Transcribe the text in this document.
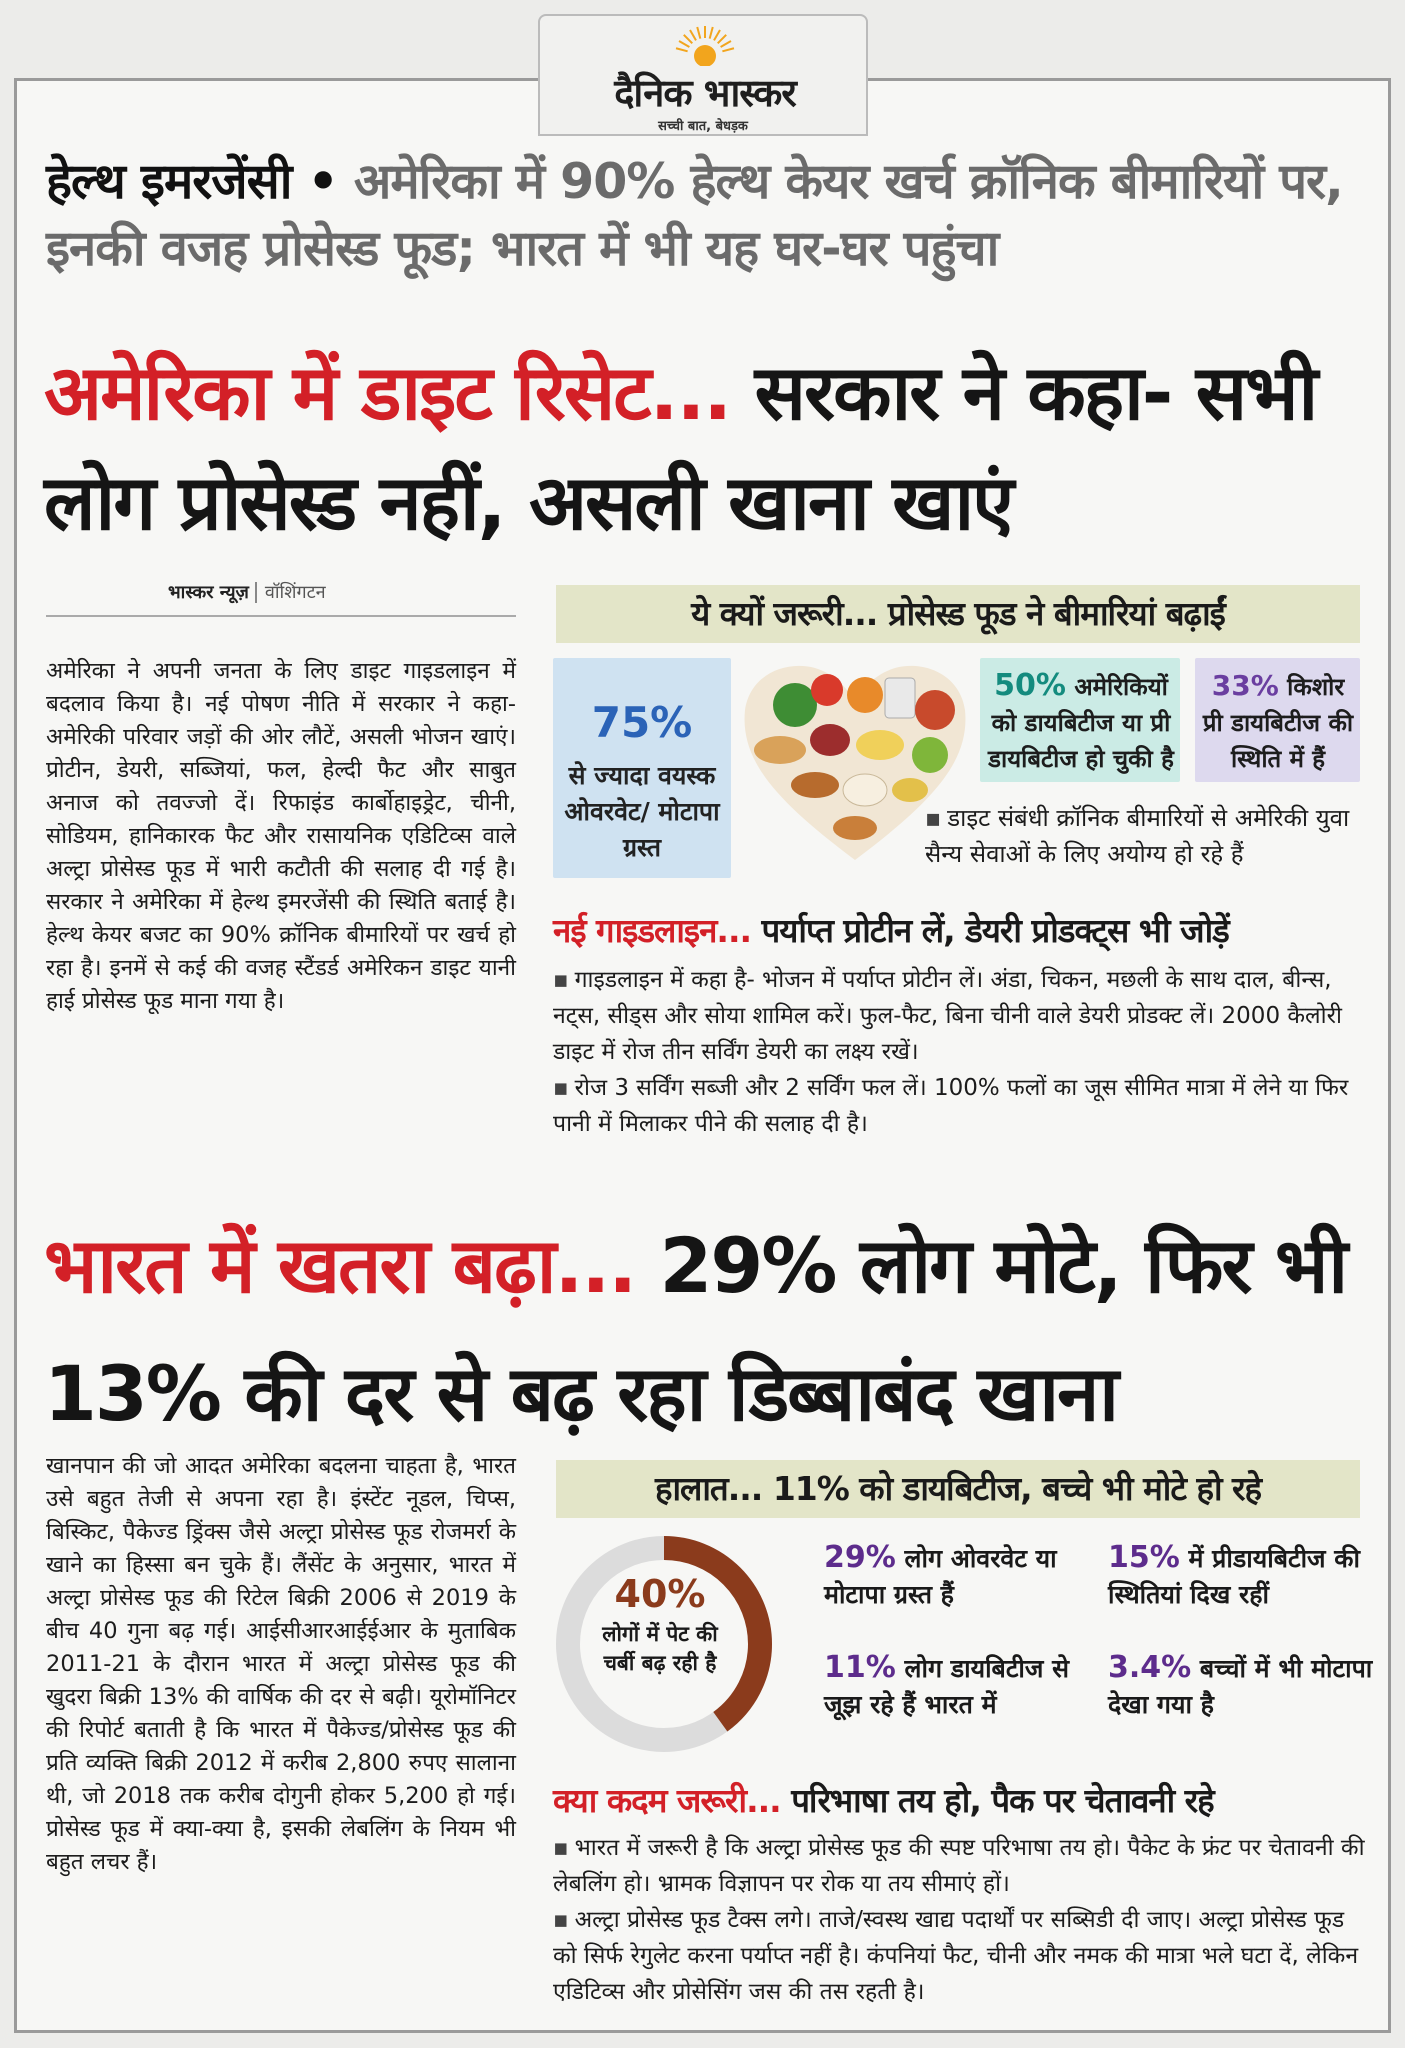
दैनिक भास्कर
सच्ची बात, बेधड़क
हेल्थ इमरजेंसी • अमेरिका में 90% हेल्थ केयर खर्च क्रॉनिक बीमारियों पर, इनकी वजह प्रोसेस्ड फूड; भारत में भी यह घर-घर पहुंचा
अमेरिका में डाइट रिसेट... सरकार ने कहा- सभी लोग प्रोसेस्ड नहीं, असली खाना खाएं
भास्कर न्यूज़ वॉशिंगटन
अमेरिका ने अपनी जनता के लिए डाइट गाइडलाइन में बदलाव किया है। नई पोषण नीति में सरकार ने कहा- अमेरिकी परिवार जड़ों की ओर लौटें, असली भोजन खाएं। प्रोटीन, डेयरी, सब्जियां, फल, हेल्दी फैट और साबुत अनाज को तवज्जो दें। रिफाइंड कार्बोहाइड्रेट, चीनी, सोडियम, हानिकारक फैट और रासायनिक एडिटिव्स वाले अल्ट्रा प्रोसेस्ड फूड में भारी कटौती की सलाह दी गई है। सरकार ने अमेरिका में हेल्थ इमरजेंसी की स्थिति बताई है। हेल्थ केयर बजट का 90% क्रॉनिक बीमारियों पर खर्च हो रहा है। इनमें से कई की वजह स्टैंडर्ड अमेरिकन डाइट यानी हाई प्रोसेस्ड फूड माना गया है।
ये क्यों जरूरी... प्रोसेस्ड फूड ने बीमारियां बढ़ाईं
75%
से ज्यादा वयस्क ओवरवेट/ मोटापा ग्रस्त
50% अमेरिकियों को डायबिटीज या प्री डायबिटीज हो चुकी है
33% किशोर प्री डायबिटीज की स्थिति में हैं
▪ डाइट संबंधी क्रॉनिक बीमारियों से अमेरिकी युवा सैन्य सेवाओं के लिए अयोग्य हो रहे हैं
नई गाइडलाइन... पर्याप्त प्रोटीन लें, डेयरी प्रोडक्ट्स भी जोड़ें
▪ गाइडलाइन में कहा है- भोजन में पर्याप्त प्रोटीन लें। अंडा, चिकन, मछली के साथ दाल, बीन्स, नट्स, सीड्स और सोया शामिल करें। फुल-फैट, बिना चीनी वाले डेयरी प्रोडक्ट लें। 2000 कैलोरी डाइट में रोज तीन सर्विंग डेयरी का लक्ष्य रखें।
▪ रोज 3 सर्विंग सब्जी और 2 सर्विंग फल लें। 100% फलों का जूस सीमित मात्रा में लेने या फिर पानी में मिलाकर पीने की सलाह दी है।
भारत में खतरा बढ़ा... 29% लोग मोटे, फिर भी 13% की दर से बढ़ रहा डिब्बाबंद खाना
खानपान की जो आदत अमेरिका बदलना चाहता है, भारत उसे बहुत तेजी से अपना रहा है। इंस्टेंट नूडल, चिप्स, बिस्किट, पैकेज्ड ड्रिंक्स जैसे अल्ट्रा प्रोसेस्ड फूड रोजमर्रा के खाने का हिस्सा बन चुके हैं। लैंसेंट के अनुसार, भारत में अल्ट्रा प्रोसेस्ड फूड की रिटेल बिक्री 2006 से 2019 के बीच 40 गुना बढ़ गई। आईसीआरआईईआर के मुताबिक 2011-21 के दौरान भारत में अल्ट्रा प्रोसेस्ड फूड की खुदरा बिक्री 13% की वार्षिक की दर से बढ़ी। यूरोमॉनिटर की रिपोर्ट बताती है कि भारत में पैकेज्ड/प्रोसेस्ड फूड की प्रति व्यक्ति बिक्री 2012 में करीब 2,800 रुपए सालाना थी, जो 2018 तक करीब दोगुनी होकर 5,200 हो गई। प्रोसेस्ड फूड में क्या-क्या है, इसकी लेबलिंग के नियम भी बहुत लचर हैं।
हालात... 11% को डायबिटीज, बच्चे भी मोटे हो रहे
40%
लोगों में पेट की चर्बी बढ़ रही है
29% लोग ओवरवेट या मोटापा ग्रस्त हैं
15% में प्रीडायबिटीज की स्थितियां दिख रहीं
11% लोग डायबिटीज से जूझ रहे हैं भारत में
3.4% बच्चों में भी मोटापा देखा गया है
क्या कदम जरूरी... परिभाषा तय हो, पैक पर चेतावनी रहे
▪ भारत में जरूरी है कि अल्ट्रा प्रोसेस्ड फूड की स्पष्ट परिभाषा तय हो। पैकेट के फ्रंट पर चेतावनी की लेबलिंग हो। भ्रामक विज्ञापन पर रोक या तय सीमाएं हों।
▪ अल्ट्रा प्रोसेस्ड फूड टैक्स लगे। ताजे/स्वस्थ खाद्य पदार्थों पर सब्सिडी दी जाए। अल्ट्रा प्रोसेस्ड फूड को सिर्फ रेगुलेट करना पर्याप्त नहीं है। कंपनियां फैट, चीनी और नमक की मात्रा भले घटा दें, लेकिन एडिटिव्स और प्रोसेसिंग जस की तस रहती है।
